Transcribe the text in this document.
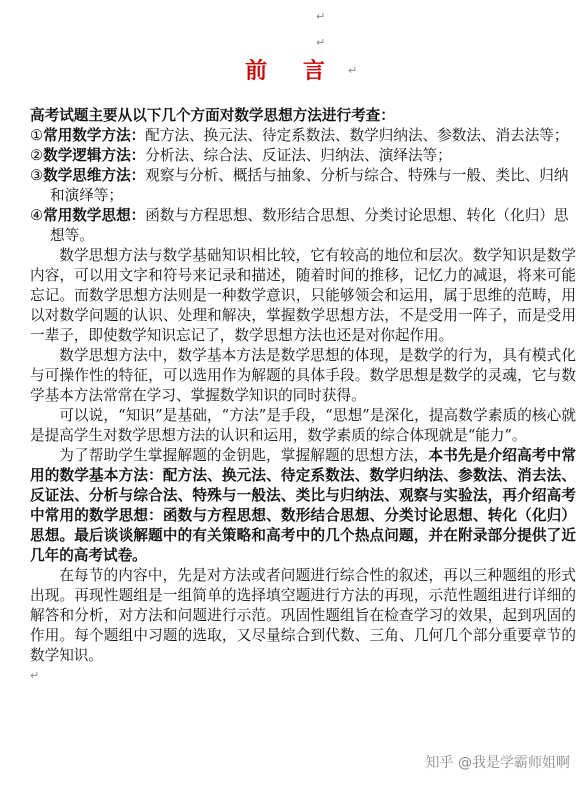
↵
↵
前 言 ↵
高考试题主要从以下几个方面对数学思想方法进行考查：
①常用数学方法：配方法、换元法、待定系数法、数学归纳法、参数法、消去法等；
②数学逻辑方法：分析法、综合法、反证法、归纳法、演绎法等；
③数学思维方法：观察与分析、概括与抽象、分析与综合、特殊与一般、类比、归纳和演绎等；
④常用数学思想：函数与方程思想、数形结合思想、分类讨论思想、转化（化归）思想等。
数学思想方法与数学基础知识相比较，它有较高的地位和层次。数学知识是数学内容，可以用文字和符号来记录和描述，随着时间的推移，记忆力的减退，将来可能忘记。而数学思想方法则是一种数学意识，只能够领会和运用，属于思维的范畴，用以对数学问题的认识、处理和解决，掌握数学思想方法，不是受用一阵子，而是受用一辈子，即使数学知识忘记了，数学思想方法也还是对你起作用。
数学思想方法中，数学基本方法是数学思想的体现，是数学的行为，具有模式化与可操作性的特征，可以选用作为解题的具体手段。数学思想是数学的灵魂，它与数学基本方法常常在学习、掌握数学知识的同时获得。
可以说，“知识”是基础，“方法”是手段，“思想”是深化，提高数学素质的核心就是提高学生对数学思想方法的认识和运用，数学素质的综合体现就是“能力”。
为了帮助学生掌握解题的金钥匙，掌握解题的思想方法，本书先是介绍高考中常用的数学基本方法：配方法、换元法、待定系数法、数学归纳法、参数法、消去法、反证法、分析与综合法、特殊与一般法、类比与归纳法、观察与实验法，再介绍高考中常用的数学思想：函数与方程思想、数形结合思想、分类讨论思想、转化（化归）思想。最后谈谈解题中的有关策略和高考中的几个热点问题，并在附录部分提供了近几年的高考试卷。
在每节的内容中，先是对方法或者问题进行综合性的叙述，再以三种题组的形式出现。再现性题组是一组简单的选择填空题进行方法的再现，示范性题组进行详细的解答和分析，对方法和问题进行示范。巩固性题组旨在检查学习的效果，起到巩固的作用。每个题组中习题的选取，又尽量综合到代数、三角、几何几个部分重要章节的数学知识。
↵
知乎 @我是学霸师姐啊
